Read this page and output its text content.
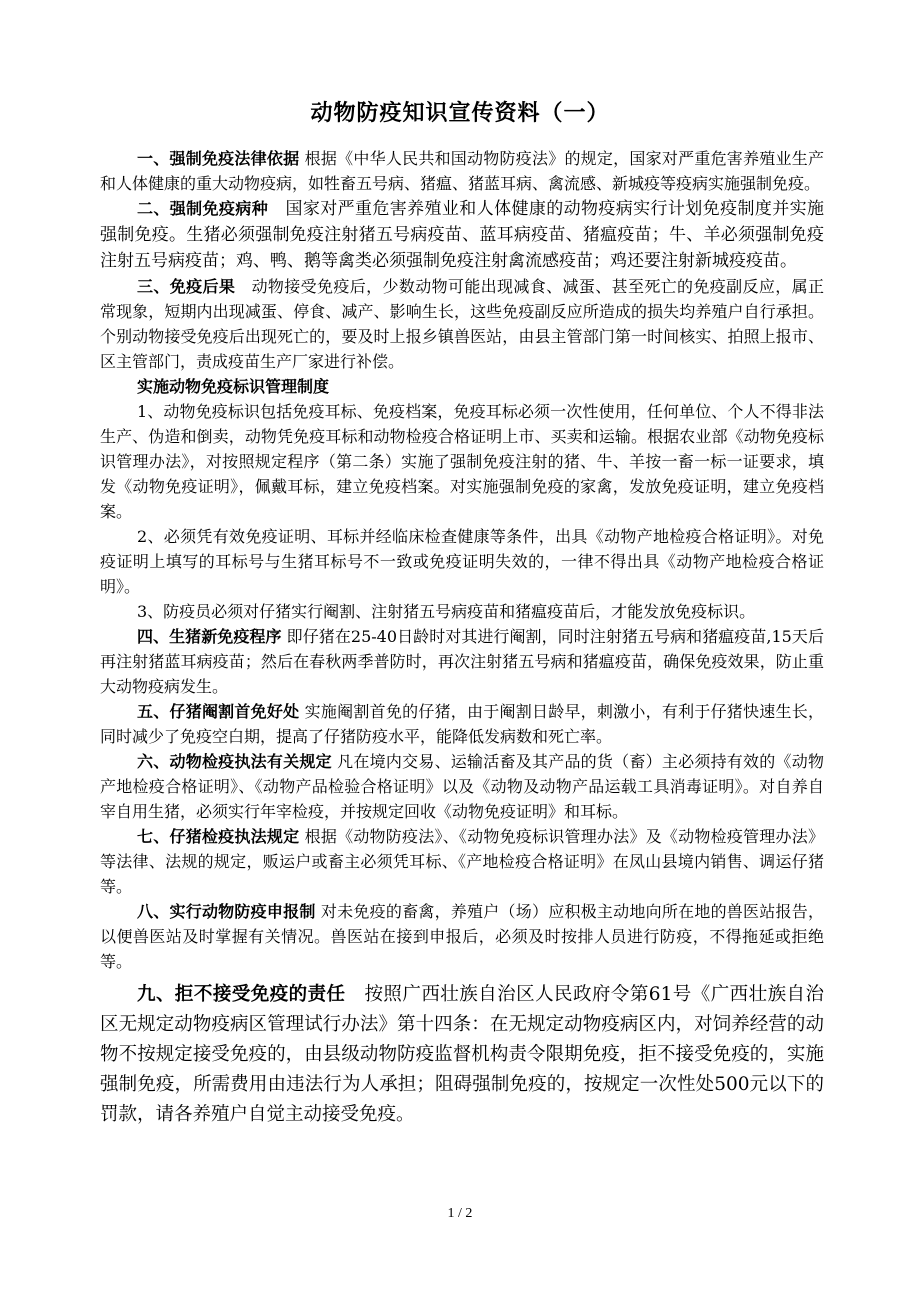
动物防疫知识宣传资料（一）

一、强制免疫法律依据 根据《中华人民共和国动物防疫法》的规定，国家对严重危害养殖业生产和人体健康的重大动物疫病，如牲畜五号病、猪瘟、猪蓝耳病、禽流感、新城疫等疫病实施强制免疫。

二、强制免疫病种　国家对严重危害养殖业和人体健康的动物疫病实行计划免疫制度并实施强制免疫。生猪必须强制免疫注射猪五号病疫苗、蓝耳病疫苗、猪瘟疫苗；牛、羊必须强制免疫注射五号病疫苗；鸡、鸭、鹅等禽类必须强制免疫注射禽流感疫苗；鸡还要注射新城疫疫苗。

三、免疫后果　动物接受免疫后，少数动物可能出现减食、减蛋、甚至死亡的免疫副反应，属正常现象，短期内出现减蛋、停食、减产、影响生长，这些免疫副反应所造成的损失均养殖户自行承担。个别动物接受免疫后出现死亡的，要及时上报乡镇兽医站，由县主管部门第一时间核实、拍照上报市、区主管部门，责成疫苗生产厂家进行补偿。

实施动物免疫标识管理制度

1、动物免疫标识包括免疫耳标、免疫档案，免疫耳标必须一次性使用，任何单位、个人不得非法生产、伪造和倒卖，动物凭免疫耳标和动物检疫合格证明上市、买卖和运输。根据农业部《动物免疫标识管理办法》，对按照规定程序（第二条）实施了强制免疫注射的猪、牛、羊按一畜一标一证要求，填发《动物免疫证明》，佩戴耳标，建立免疫档案。对实施强制免疫的家禽，发放免疫证明，建立免疫档案。

2、必须凭有效免疫证明、耳标并经临床检查健康等条件，出具《动物产地检疫合格证明》。对免疫证明上填写的耳标号与生猪耳标号不一致或免疫证明失效的，一律不得出具《动物产地检疫合格证明》。

3、防疫员必须对仔猪实行阉割、注射猪五号病疫苗和猪瘟疫苗后，才能发放免疫标识。

四、生猪新免疫程序 即仔猪在25-40日龄时对其进行阉割，同时注射猪五号病和猪瘟疫苗,15天后再注射猪蓝耳病疫苗；然后在春秋两季普防时，再次注射猪五号病和猪瘟疫苗，确保免疫效果，防止重大动物疫病发生。

五、仔猪阉割首免好处 实施阉割首免的仔猪，由于阉割日龄早，刺激小，有利于仔猪快速生长，同时减少了免疫空白期，提高了仔猪防疫水平，能降低发病数和死亡率。

六、动物检疫执法有关规定 凡在境内交易、运输活畜及其产品的货（畜）主必须持有效的《动物产地检疫合格证明》、《动物产品检验合格证明》以及《动物及动物产品运载工具消毒证明》。对自养自宰自用生猪，必须实行年宰检疫，并按规定回收《动物免疫证明》和耳标。

七、仔猪检疫执法规定 根据《动物防疫法》、《动物免疫标识管理办法》及《动物检疫管理办法》等法律、法规的规定，贩运户或畜主必须凭耳标、《产地检疫合格证明》在凤山县境内销售、调运仔猪等。

八、实行动物防疫申报制 对未免疫的畜禽，养殖户（场）应积极主动地向所在地的兽医站报告，以便兽医站及时掌握有关情况。兽医站在接到申报后，必须及时按排人员进行防疫，不得拖延或拒绝等。

九、拒不接受免疫的责任　按照广西壮族自治区人民政府令第61号《广西壮族自治区无规定动物疫病区管理试行办法》第十四条：在无规定动物疫病区内，对饲养经营的动物不按规定接受免疫的，由县级动物防疫监督机构责令限期免疫，拒不接受免疫的，实施强制免疫，所需费用由违法行为人承担；阻碍强制免疫的，按规定一次性处500元以下的罚款，请各养殖户自觉主动接受免疫。

1 / 2
